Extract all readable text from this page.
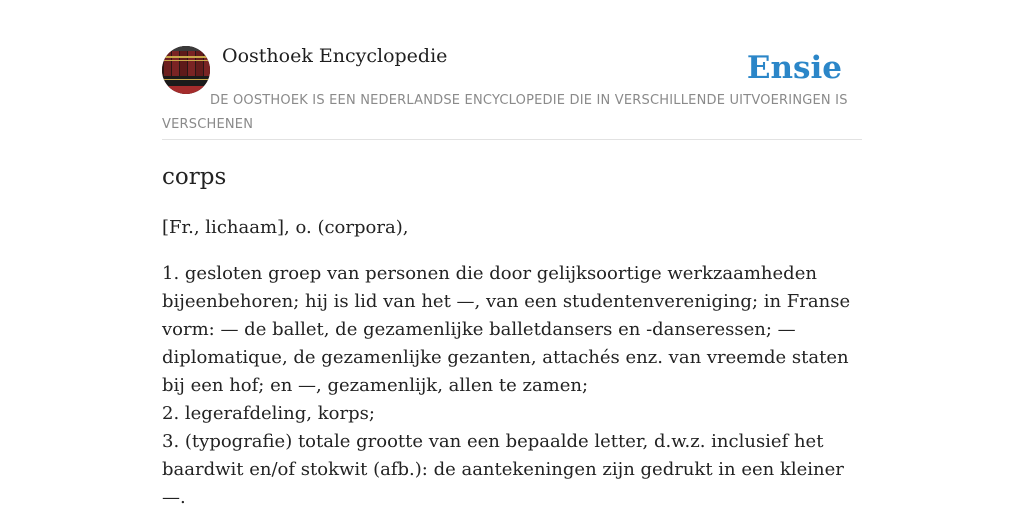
Oosthoek Encyclopedie	Ensie
DE OOSTHOEK IS EEN NEDERLANDSE ENCYCLOPEDIE DIE IN VERSCHILLENDE UITVOERINGEN IS VERSCHENEN
corps

[Fr., lichaam], o. (corpora),

1. gesloten groep van personen die door gelijksoortige werkzaamheden bijeenbehoren; hij is lid van het —, van een studentenvereniging; in Franse vorm: — de ballet, de gezamenlijke balletdansers en -danseressen; — diplomatique, de gezamenlijke gezanten, attachés enz. van vreemde staten bij een hof; en —, gezamenlijk, allen te zamen;
2. legerafdeling, korps;
3. (typografie) totale grootte van een bepaalde letter, d.w.z. inclusief het baardwit en/of stokwit (afb.): de aantekeningen zijn gedrukt in een kleiner —.
